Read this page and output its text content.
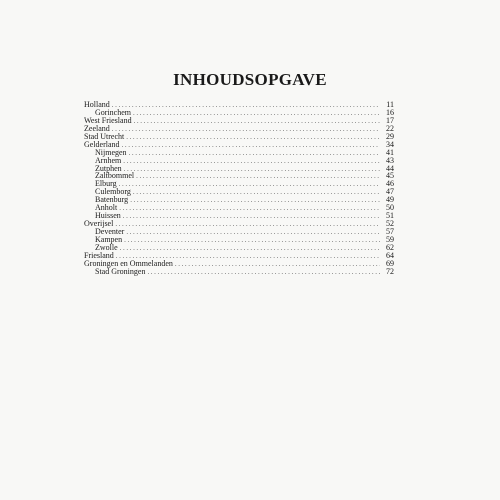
INHOUDSOPGAVE
Holland .....	11
Gorinchem .....	16
West Friesland .....	17
Zeeland .....	22
Stad Utrecht .....	29
Gelderland .....	34
Nijmegen .....	41
Arnhem .....	43
Zutphen .....	44
Zaltbommel .....	45
Elburg .....	46
Culemborg .....	47
Batenburg .....	49
Anholt .....	50
Huissen .....	51
Overijsel .....	52
Deventer .....	57
Kampen .....	59
Zwolle .....	62
Friesland .....	64
Groningen en Ommelanden .....	69
Stad Groningen .....	72
